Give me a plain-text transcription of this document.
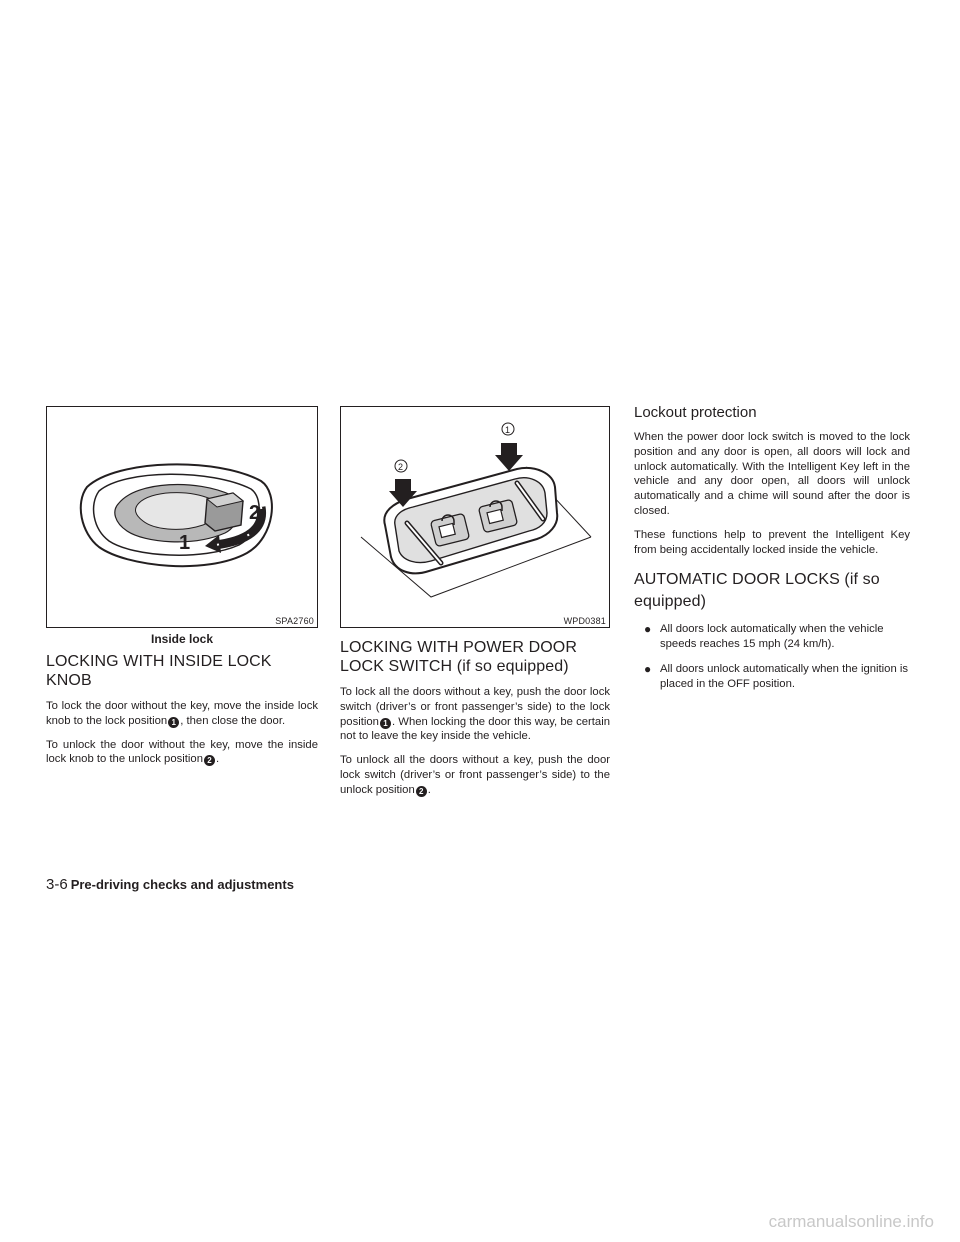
2
1
SPA2760
Inside lock
LOCKING WITH INSIDE LOCK KNOB

To lock the door without the key, move the inside lock knob to the lock position 1 , then close the door.

To unlock the door without the key, move the inside lock knob to the unlock position 2 .

1
2
WPD0381
LOCKING WITH POWER DOOR LOCK SWITCH (if so equipped)

To lock all the doors without a key, push the door lock switch (driver’s or front passenger’s side) to the lock position 1 . When locking the door this way, be certain not to leave the key inside the vehicle.

To unlock all the doors without a key, push the door lock switch (driver’s or front passenger’s side) to the unlock position 2 .

Lockout protection

When the power door lock switch is moved to the lock position and any door is open, all doors will lock and unlock automatically. With the Intelligent Key left in the vehicle and any door open, all doors will unlock automatically and a chime will sound after the door is closed.

These functions help to prevent the Intelligent Key from being accidentally locked inside the vehicle.

AUTOMATIC DOOR LOCKS (if so equipped)
● All doors lock automatically when the vehicle speeds reaches 15 mph (24 km/h).
● All doors unlock automatically when the ignition is placed in the OFF position.
3-6 Pre-driving checks and adjustments
carmanualsonline.info
